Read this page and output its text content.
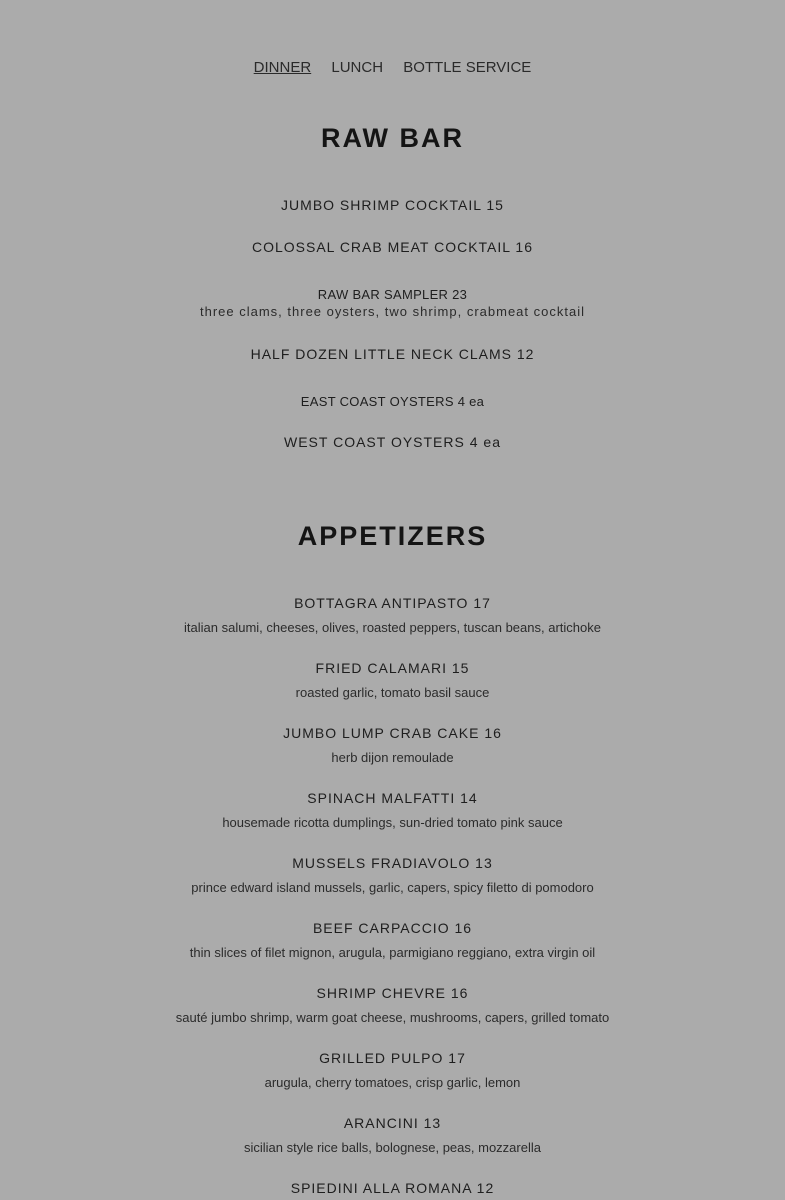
DINNER LUNCH BOTTLE SERVICE
RAW BAR
JUMBO SHRIMP COCKTAIL 15
COLOSSAL CRAB MEAT COCKTAIL 16
RAW BAR SAMPLER 23
three clams, three oysters, two shrimp, crabmeat cocktail
HALF DOZEN LITTLE NECK CLAMS 12
EAST COAST OYSTERS 4 ea
WEST COAST OYSTERS 4 ea
APPETIZERS
BOTTAGRA ANTIPASTO 17
italian salumi, cheeses, olives, roasted peppers, tuscan beans, artichoke
FRIED CALAMARI 15
roasted garlic, tomato basil sauce
JUMBO LUMP CRAB CAKE 16
herb dijon remoulade
SPINACH MALFATTI 14
housemade ricotta dumplings, sun-dried tomato pink sauce
MUSSELS FRADIAVOLO 13
prince edward island mussels, garlic, capers, spicy filetto di pomodoro
BEEF CARPACCIO 16
thin slices of filet mignon, arugula, parmigiano reggiano, extra virgin oil
SHRIMP CHEVRE 16
sauté jumbo shrimp, warm goat cheese, mushrooms, capers, grilled tomato
GRILLED PULPO 17
arugula, cherry tomatoes, crisp garlic, lemon
ARANCINI 13
sicilian style rice balls, bolognese, peas, mozzarella
SPIEDINI ALLA ROMANA 12
